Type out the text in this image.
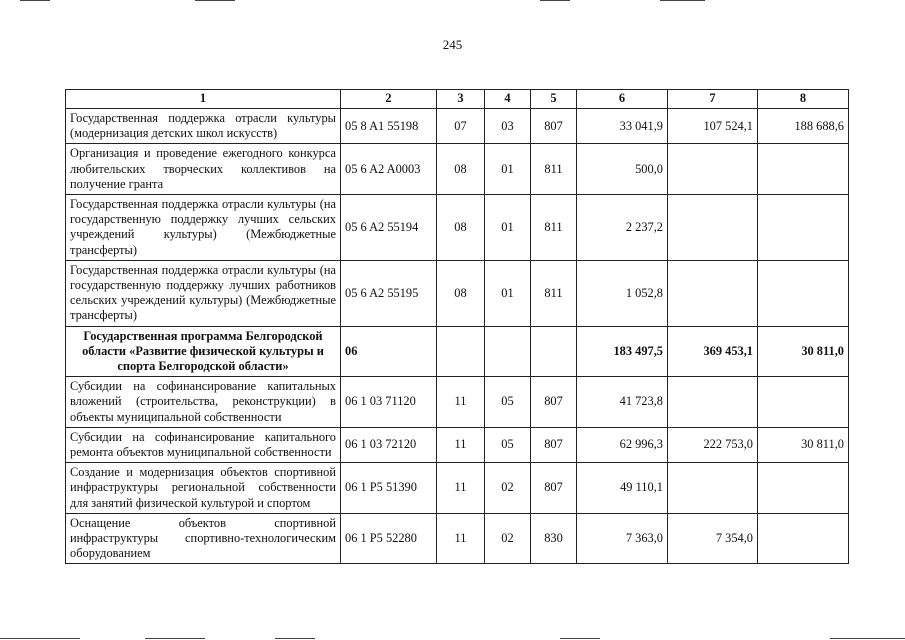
245
1	2	3	4	5	6	7	8
Государственная поддержка отрасли культуры (модернизация детских школ искусств)	05 8 A1 55198	07	03	807	33 041,9	107 524,1	188 688,6
Организация и проведение ежегодного конкурса любительских творческих коллективов на получение гранта	05 6 A2 A0003	08	01	811	500,0		
Государственная поддержка отрасли культуры (на государственную поддержку лучших сельских учреждений культуры) (Межбюджетные трансферты)	05 6 A2 55194	08	01	811	2 237,2		
Государственная поддержка отрасли культуры (на государственную поддержку лучших работников сельских учреждений культуры) (Межбюджетные трансферты)	05 6 A2 55195	08	01	811	1 052,8		
Государственная программа Белгородской области «Развитие физической культуры и спорта Белгородской области»	06				183 497,5	369 453,1	30 811,0
Субсидии на софинансирование капитальных вложений (строительства, реконструкции) в объекты муниципальной собственности	06 1 03 71120	11	05	807	41 723,8		
Субсидии на софинансирование капитального ремонта объектов муниципальной собственности	06 1 03 72120	11	05	807	62 996,3	222 753,0	30 811,0
Создание и модернизация объектов спортивной инфраструктуры региональной собственности для занятий физической культурой и спортом	06 1 P5 51390	11	02	807	49 110,1		
Оснащение объектов спортивной инфраструктуры спортивно-технологическим оборудованием	06 1 P5 52280	11	02	830	7 363,0	7 354,0	
